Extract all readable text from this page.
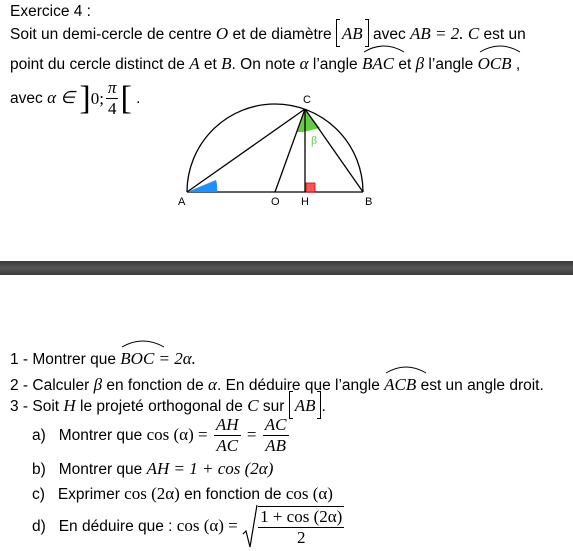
Exercice 4 :
Soit un demi-cercle de centre O et de diamètre AB avec AB = 2. C est un
point du cercle distinct de A et B. On note α l’angle
BAC et β l’angle
OCB ,
avec α ∈ ]0; $\frac{\pi}{4}$ [ .
A	O H	B
C
α
β
1 - Montrer que
BOC = 2α.
2 - Calculer β en fonction de α. En déduire que l’angle
ACB est un angle droit.
3 - Soit H le projeté orthogonal de C sur AB .
a) Montrer que $\cos (\alpha) = \frac{AH}{AC} = \frac{AC}{AB}$
b) Montrer que AH = 1 + cos (2α)
c) Exprimer cos (2α) en fonction de cos (α)
d) En déduire que : $\cos (\alpha) = \frac{1 + \cos (2\alpha)}{2}$
